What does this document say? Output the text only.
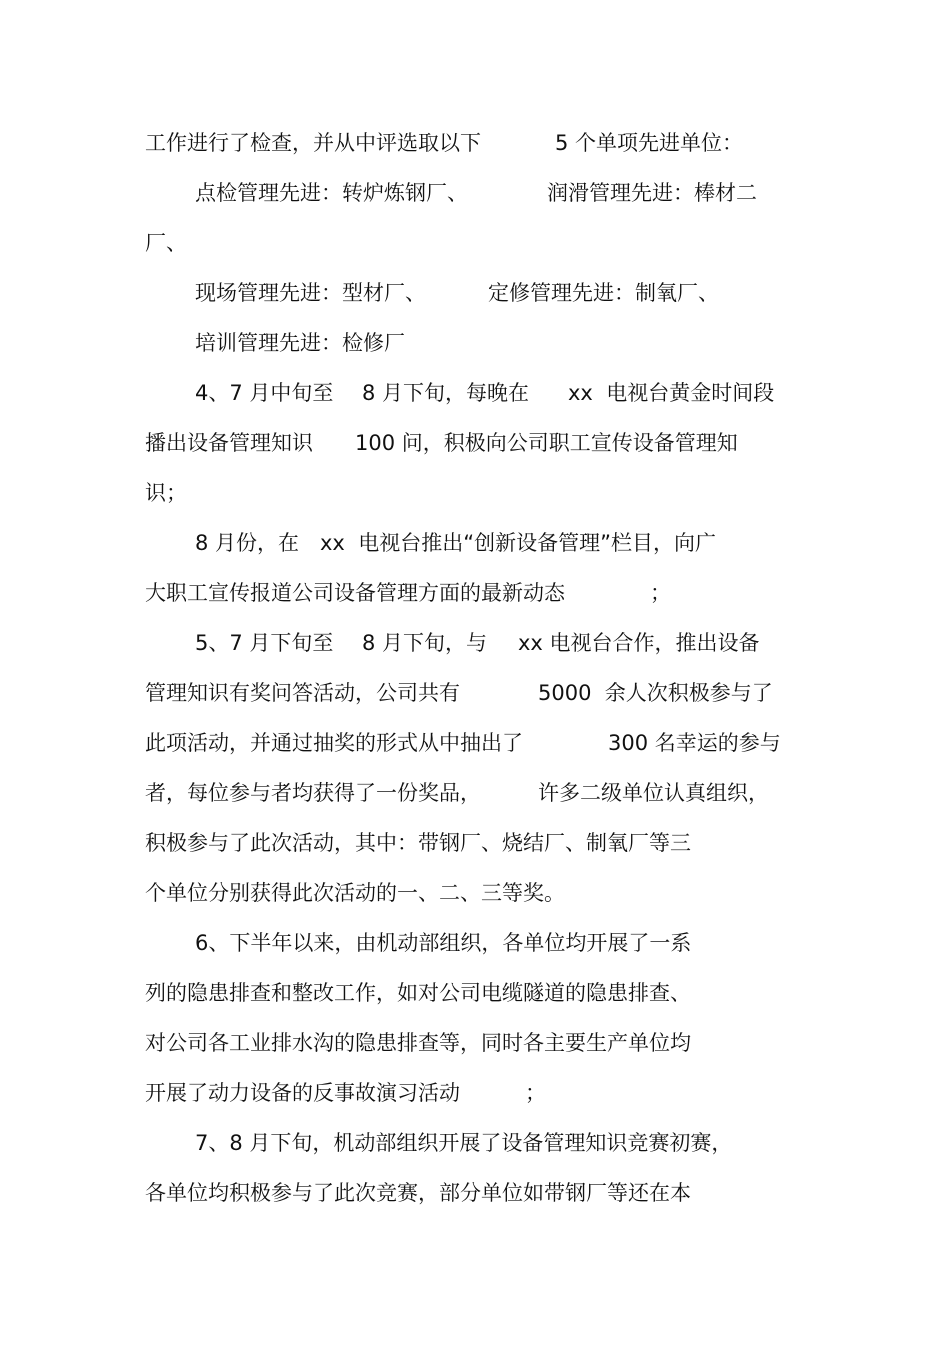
工作进行了检查，并从中评选取以下

	5 个单项先进单位：

点检管理先进：转炉炼钢厂、

	润滑管理先进：棒材二

厂、

现场管理先进：型材厂、

	定修管理先进：制氧厂、

培训管理先进：检修厂

4、7 月中旬至

8 月下旬，每晚在

xx  电视台黄金时间段

播出设备管理知识

100 问，积极向公司职工宣传设备管理知

识；

8 月份，在

xx  电视台推出“创新设备管理”栏目，向广

大职工宣传报道公司设备管理方面的最新动态

	；

5、7 月下旬至

8 月下旬，与

xx 电视台合作，推出设备

管理知识有奖问答活动，公司共有

	5000  余人次积极参与了

此项活动，并通过抽奖的形式从中抽出了

	300 名幸运的参与

者，每位参与者均获得了一份奖品，

	许多二级单位认真组织，

积极参与了此次活动，其中：带钢厂、烧结厂、制氧厂等三

个单位分别获得此次活动的一、二、三等奖。

6、下半年以来，由机动部组织，各单位均开展了一系

列的隐患排查和整改工作，如对公司电缆隧道的隐患排查、

对公司各工业排水沟的隐患排查等，同时各主要生产单位均

开展了动力设备的反事故演习活动

	；

7、8 月下旬，机动部组织开展了设备管理知识竞赛初赛，

各单位均积极参与了此次竞赛，部分单位如带钢厂等还在本
